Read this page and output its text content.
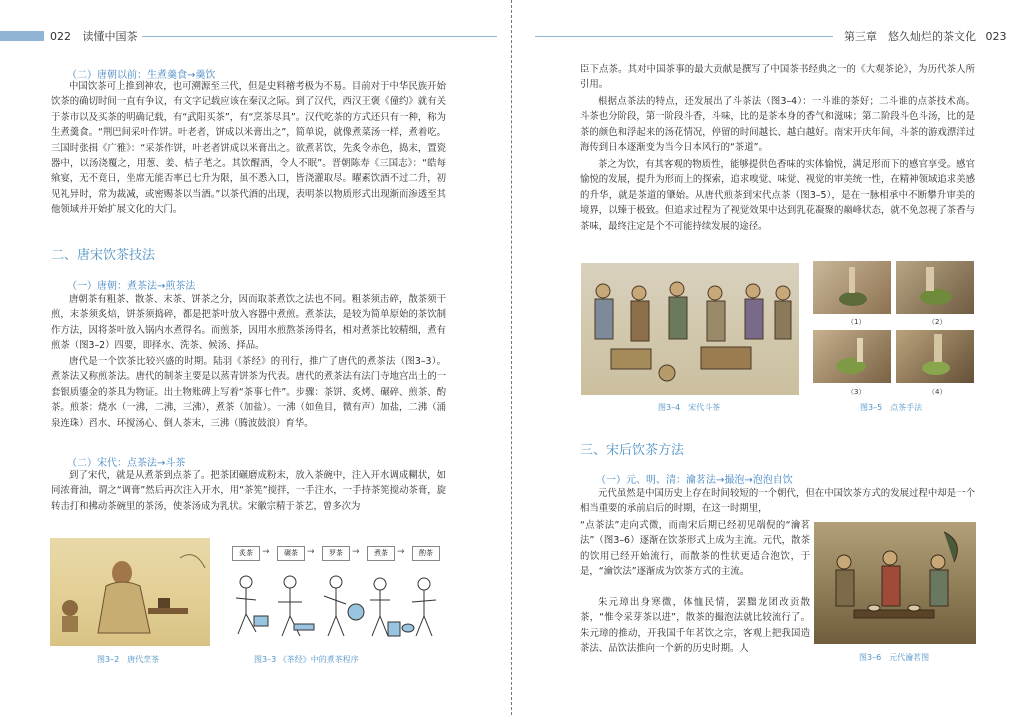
022 读懂中国茶
（二）唐朝以前：生煮羹食→羹饮
中国饮茶可上推到神农，也可溯源至三代，但是史料稽考极为不易。目前对于中华民族开始饮茶的确切时间一直有争议，有文字记载应该在秦汉之际。到了汉代，西汉王褒《僮约》就有关于茶市以及买茶的明确记载，有“武阳买茶”，有“烹茶尽具”。汉代吃茶的方式还只有一种，称为生煮羹食。“荆巴间采叶作饼。叶老者，饼成以米膏出之”，简单说，就像煮菜汤一样，煮着吃。三国时张揖《广雅》：“采茶作饼，叶老者饼成以米膏出之。欲煮茗饮，先炙令赤色，捣末，置瓷器中，以汤浇覆之，用葱、姜、桔子芼之。其饮醒酒，令人不眠”。晋朝陈寿《三国志》：“皓每飨宴，无不竟日，坐席无能否率已七升为限，虽不悉入口，皆浇灌取尽。曜素饮酒不过二升，初见礼异时，常为裁减，或密赐茶以当酒。”以茶代酒的出现，表明茶以物质形式出现渐而渗透至其他领域并开始扩展文化的大门。
二、唐宋饮茶技法
（一）唐朝：煮茶法→煎茶法
唐朝茶有粗茶、散茶、末茶、饼茶之分，因而取茶煮饮之法也不同。粗茶须击碎，散茶须干煎，末茶须炙焙，饼茶须捣碎，都是把茶叶放入容器中煮煎。煮茶法，是较为简单原始的茶饮制作方法，因将茶叶放入锅内水煮得名。而煎茶，因用水煎熬茶汤得名，相对煮茶比较精细，煮有煎茶（图3–2）四要，即择水、洗茶、候汤、择品。
唐代是一个饮茶比较兴盛的时期。陆羽《茶经》的刊行，推广了唐代的煮茶法（图3–3）。煮茶法又称煎茶法。唐代的制茶主要是以蒸青饼茶为代表。唐代的煮茶法有法门寺地宫出土的一套银质鎏金的茶具为物证。出土物账碑上写着“茶事七件”。步骤：茶饼、炙烤、碾碎、煎茶、酌茶。煎茶：烧水（一沸，二沸，三沸），煮茶（加盐）。一沸（如鱼目，微有声）加盐，二沸（涌泉连珠）舀水、环搅汤心、倒人茶末，三沸（腾波鼓浪）育华。
（二）宋代：点茶法→斗茶
到了宋代，就是从煮茶到点茶了。把茶团碾磨成粉末，放入茶碗中，注入开水调成糊状，如同浓膏油，谓之“调膏”然后再次注入开水，用“茶筅”搅拌，一手注水，一手持茶筅搅动茶膏，旋转击打和拂动茶碗里的茶汤，使茶汤成为乳状。宋徽宗精于茶艺，曾多次为
图3–2　唐代烹茶
炙茶	→	碾茶	→	罗茶	→	煮茶	→	酌茶
图3–3 《茶经》中的煮茶程序
第三章　悠久灿烂的茶文化 023
臣下点茶。其对中国茶事的最大贡献是撰写了中国茶书经典之一的《大观茶论》，为历代茶人所引用。
根据点茶法的特点，还发展出了斗茶法（图3–4）：一斗谁的茶好；二斗谁的点茶技术高。斗茶也分阶段，第一阶段斗香，斗味，比的是茶本身的香气和滋味；第二阶段斗色斗汤，比的是茶的颜色和浮起来的汤花情况，停留的时间越长、越白越好。南宋开庆年间，斗茶的游戏漂洋过海传到日本逐渐变为当今日本风行的“茶道”。
茶之为饮，有其客观的物质性，能够提供色香味的实体愉悦，满足形而下的感官享受。感官愉悦的发展，提升为形而上的探索，追求嗅觉、味觉、视觉的审美统一性，在精神领域追求美感的升华，就是茶道的肇始。从唐代煎茶到宋代点茶（图3–5），是在一脉相承中不断攀升审美的境界，以臻于极致。但追求过程为了视觉效果中达到乳花凝聚的巅峰状态，就不免忽视了茶香与茶味，最终注定是个不可能持续发展的途径。
图3–4　宋代斗茶
（1）	（2）
（3）	（4）
图3–5　点茶手法
三、宋后饮茶方法
（一）元、明、清：瀹茗法→撮泡→泡泡自饮
元代虽然是中国历史上存在时间较短的一个朝代，但在中国饮茶方式的发展过程中却是一个相当重要的承前启后的时期，在这一时期里，
“点茶法”走向式微，而南宋后期已经初见端倪的“瀹茗法”（图3–6）逐渐在饮茶形式上成为主流。元代，散茶的饮用已经开始流行，而散茶的性状更适合泡饮，于是，“瀹饮法”逐渐成为饮茶方式的主流。
朱元璋出身寒微，体恤民情，罢黜龙团改贡散茶，“惟令采芽茶以进”，散茶的撮泡法就比较流行了。朱元璋的推动，开我国千年茗饮之宗，客观上把我国造茶法、品饮法推向一个新的历史时期。人
图3–6　元代瀹茗图
